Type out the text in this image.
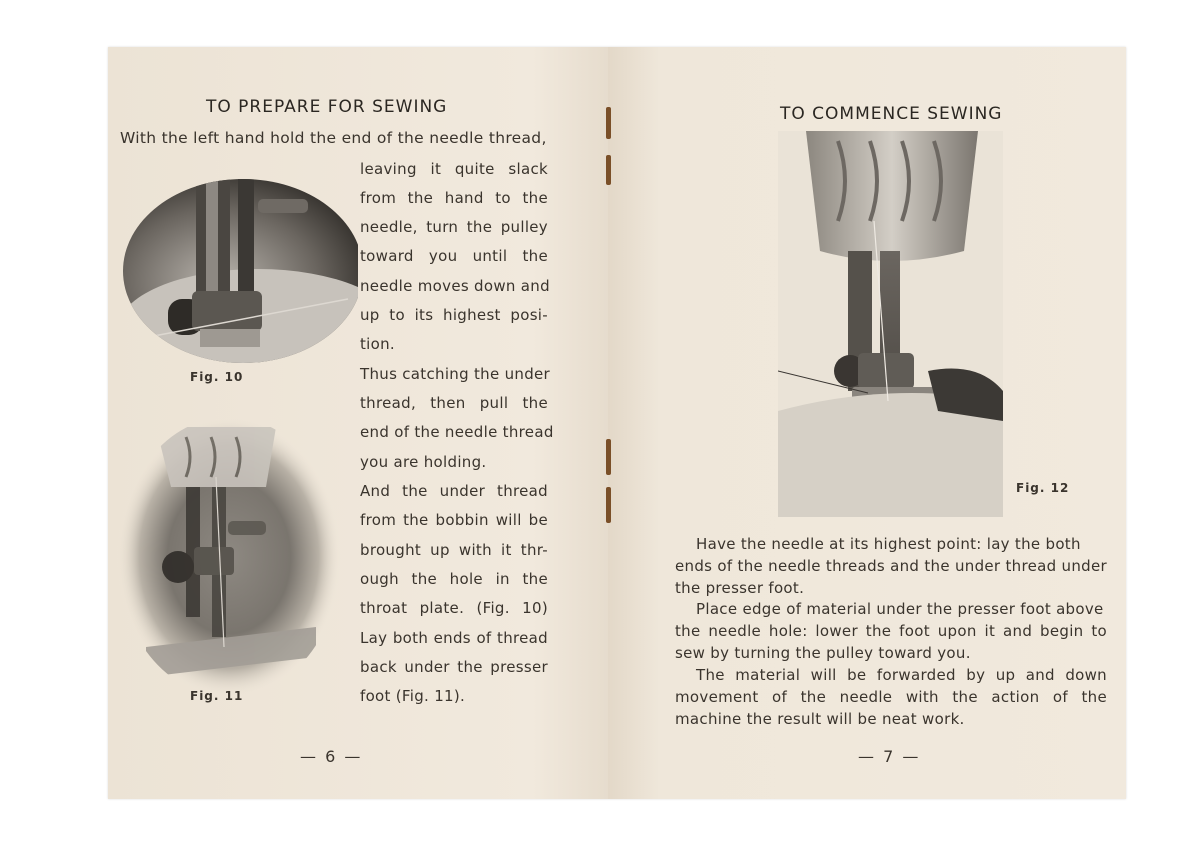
TO PREPARE FOR SEWING
With the left hand hold the end of the needle thread,
Fig. 10
Fig. 11
leaving it quite slack
from the hand to the
needle, turn the pulley
toward you until the
needle moves down and
up to its highest posi-
tion.
Thus catching the under
thread, then pull the
end of the needle thread
you are holding.
And the under thread
from the bobbin will be
brought up with it thr-
ough the hole in the
throat plate. (Fig. 10)
Lay both ends of thread
back under the presser
foot (Fig. 11).
— 6 —
TO COMMENCE SEWING
Fig. 12
Have the needle at its highest point: lay the both
ends of the needle threads and the under thread under
the presser foot.
Place edge of material under the presser foot above
the needle hole: lower the foot upon it and begin to
sew by turning the pulley toward you.
The material will be forwarded by up and down
movement of the needle with the action of the
machine the result will be neat work.
— 7 —
